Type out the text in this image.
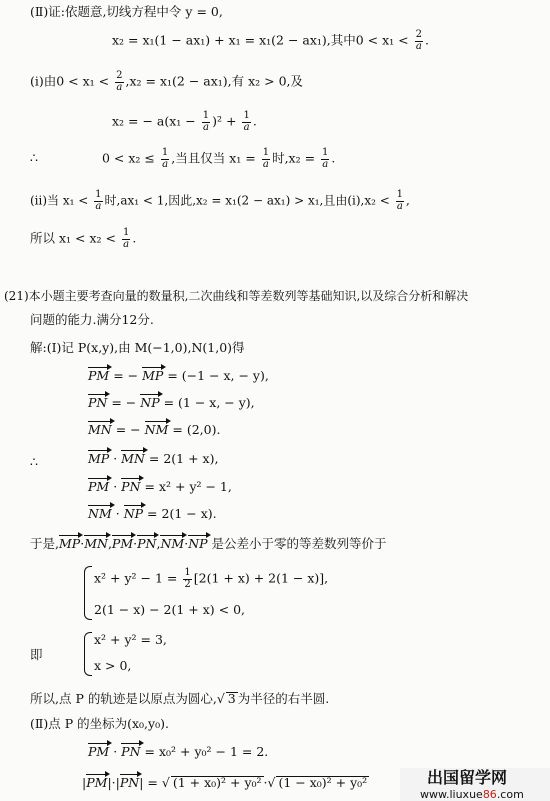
(Ⅱ)证:依题意,切线方程中令 y = 0,
x₂ = x₁(1 − ax₁) + x₁ = x₁(2 − ax₁),其中$0 < x_1 < \frac{2}{a}$ .
(ⅰ)由$0 < x_1 < \frac{2}{a} ,x_2 = x_1(2 - ax_1)$,有 x₂ > 0,及
x₂ = − $a(x_1 - \frac{1}{a} )^2 + \frac{1}{a}$ .
∴	$0 < x_2 \le \frac{1}{a}$ ,当且仅当 $x_1 = \frac{1}{a}$ 时$,x_2 = \frac{1}{a}$ .
(ⅱ)当 $x_1 < \frac{1}{a}$ 时,ax₁ < 1,因此,x₂ = x₁(2 − ax₁) > x₁,且由(ⅰ),x₂ < $\frac{1}{a}$ ,
所以 $x_1 < x_2 < \frac{1}{a}$ .
(21)本小题主要考查向量的数量积,二次曲线和等差数列等基础知识,以及综合分析和解决
问题的能力.满分12分.
解:(Ⅰ)记 P(x,y),由 M(−1,0),N(1,0)得
PM = − MP = (−1 − x, − y),
PN = − NP = (1 − x, − y),
MN = − NM = (2,0).
∴	MP · MN = 2(1 + x),
PM · PN = x² + y² − 1,
NM · NP = 2(1 − x).
于是,MP·MN,PM·PN,NM·NP 是公差小于零的等差数列等价于
$x^2 + y^2 - 1 = \frac{1}{2} [2(1 + x) + 2(1 - x)]$,
2(1 − x) − 2(1 + x) < 0,
即
x² + y² = 3,
x > 0,
所以,点 P 的轨迹是以原点为圆心,√ 3 为半径的右半圆.
(Ⅱ)点 P 的坐标为(x₀,y₀).
PM · PN = x₀² + y₀² − 1 = 2.
|PM|·|PN| = √ (1 + x₀)² + y₀² ·√ (1 − x₀)² + y₀²	出国留学网
www.liuxue86.com
